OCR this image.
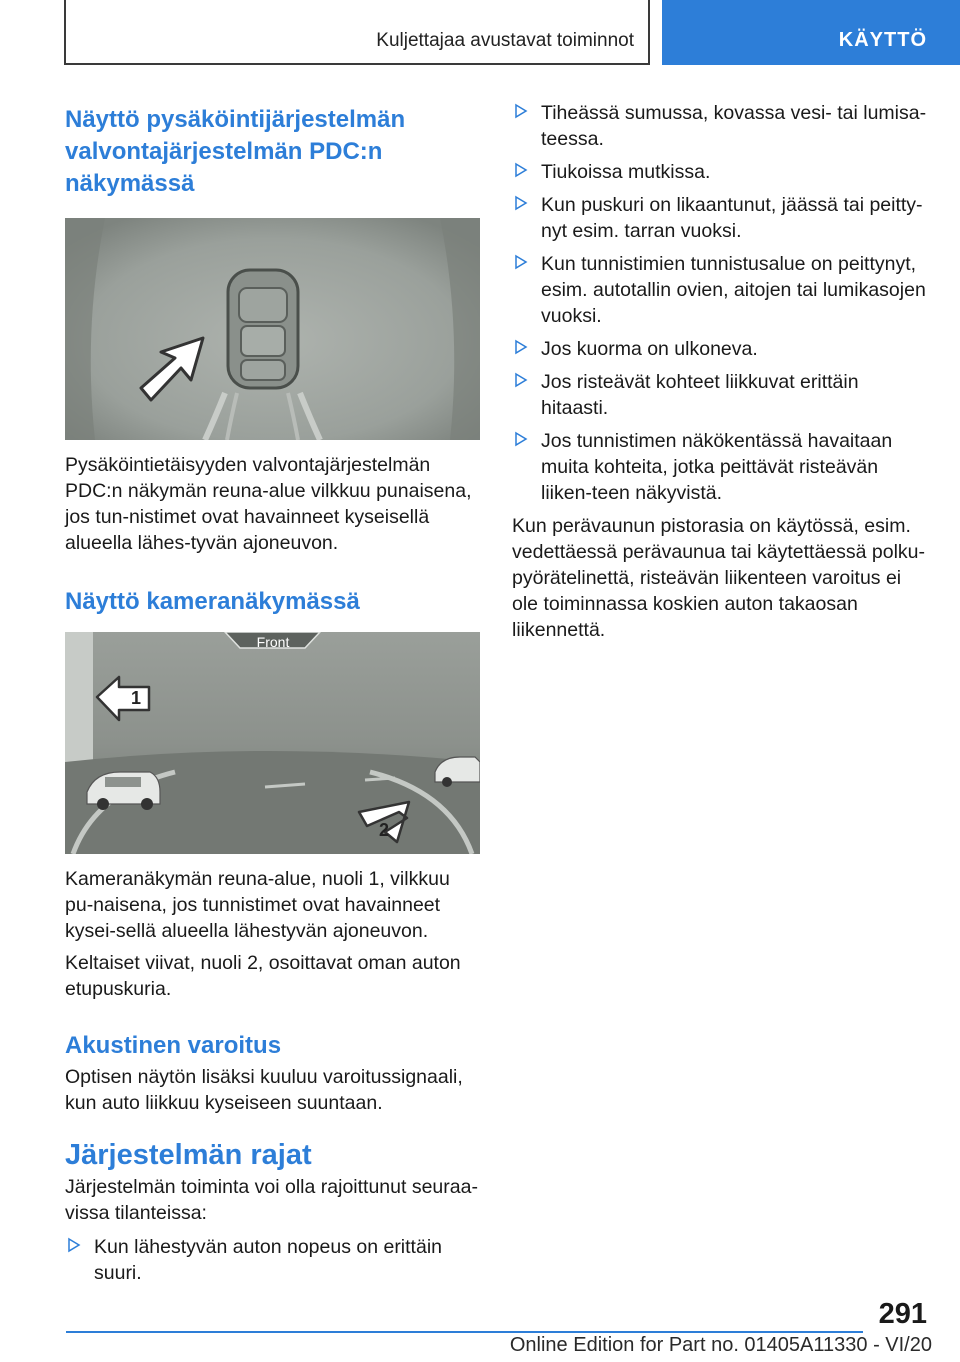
Kuljettajaa avustavat toiminnot	KÄYTTÖ
Näyttö pysäköintijärjestelmän valvontajärjestelmän PDC:n näkymässä

Pysäköintietäisyyden valvontajärjestelmän PDC:n näkymän reuna-alue vilkkuu punaisena, jos tun-nistimet ovat havainneet kyseisellä alueella lähes-tyvän ajoneuvon.

Näyttö kameranäkymässä
Front
1
2

Kameranäkymän reuna-alue, nuoli 1, vilkkuu pu-naisena, jos tunnistimet ovat havainneet kysei-sellä alueella lähestyvän ajoneuvon.

Keltaiset viivat, nuoli 2, osoittavat oman auton etupuskuria.

Akustinen varoitus

Optisen näytön lisäksi kuuluu varoitussignaali, kun auto liikkuu kyseiseen suuntaan.

Järjestelmän rajat

Järjestelmän toiminta voi olla rajoittunut seuraa-vissa tilanteissa:

Kun lähestyvän auton nopeus on erittäin suuri.
Tiheässä sumussa, kovassa vesi- tai lumisa-teessa.
Tiukoissa mutkissa.
Kun puskuri on likaantunut, jäässä tai peitty-nyt esim. tarran vuoksi.
Kun tunnistimien tunnistusalue on peittynyt, esim. autotallin ovien, aitojen tai lumikasojen vuoksi.
Jos kuorma on ulkoneva.
Jos risteävät kohteet liikkuvat erittäin hitaasti.
Jos tunnistimen näkökentässä havaitaan muita kohteita, jotka peittävät risteävän liiken-teen näkyvistä.

Kun perävaunun pistorasia on käytössä, esim. vedettäessä perävaunua tai käytettäessä polku-pyörätelinettä, risteävän liikenteen varoitus ei ole toiminnassa koskien auton takaosan liikennettä.

291
Online Edition for Part no. 01405A11330 - VI/20
